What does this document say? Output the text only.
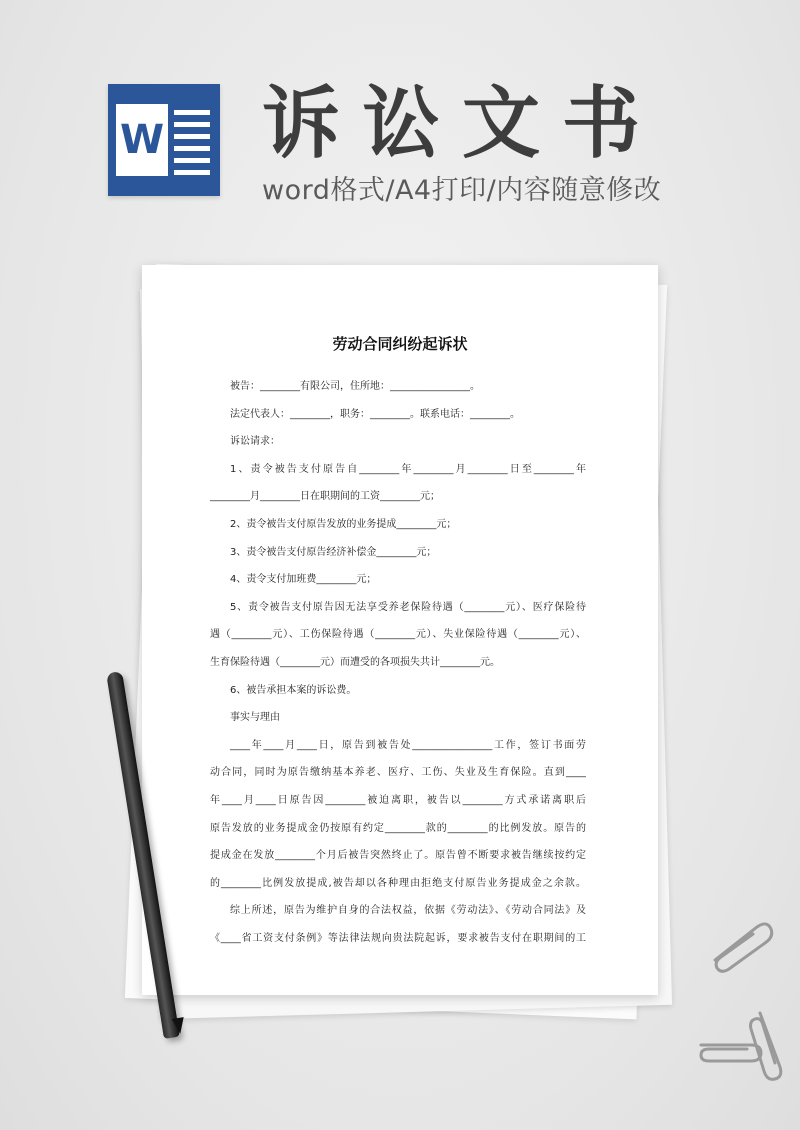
W 诉讼文书
word格式/A4打印/内容随意修改
劳动合同纠纷起诉状
被告：________有限公司，住所地：________________。
法定代表人：________，职务：________。联系电话：________。
诉讼请求：
1、责令被告支付原告自________年________月________日至________年
________月________日在职期间的工资________元；
2、责令被告支付原告发放的业务提成________元；
3、责令被告支付原告经济补偿金________元；
4、责令支付加班费________元；
5、责令被告支付原告因无法享受养老保险待遇（________元）、医疗保险待
遇（________元）、工伤保险待遇（________元）、失业保险待遇（________元）、
生育保险待遇（________元）而遭受的各项损失共计________元。
6、被告承担本案的诉讼费。
事实与理由
____年____月____日，原告到被告处________________工作，签订书面劳
动合同，同时为原告缴纳基本养老、医疗、工伤、失业及生育保险。直到____
年____月____日原告因________被迫离职，被告以________方式承诺离职后
原告发放的业务提成金仍按原有约定________款的________的比例发放。原告的
提成金在发放________个月后被告突然终止了。原告曾不断要求被告继续按约定
的________比例发放提成,被告却以各种理由拒绝支付原告业务提成金之余款。
综上所述，原告为维护自身的合法权益，依据《劳动法》、《劳动合同法》及
《____省工资支付条例》等法律法规向贵法院起诉，要求被告支付在职期间的工
